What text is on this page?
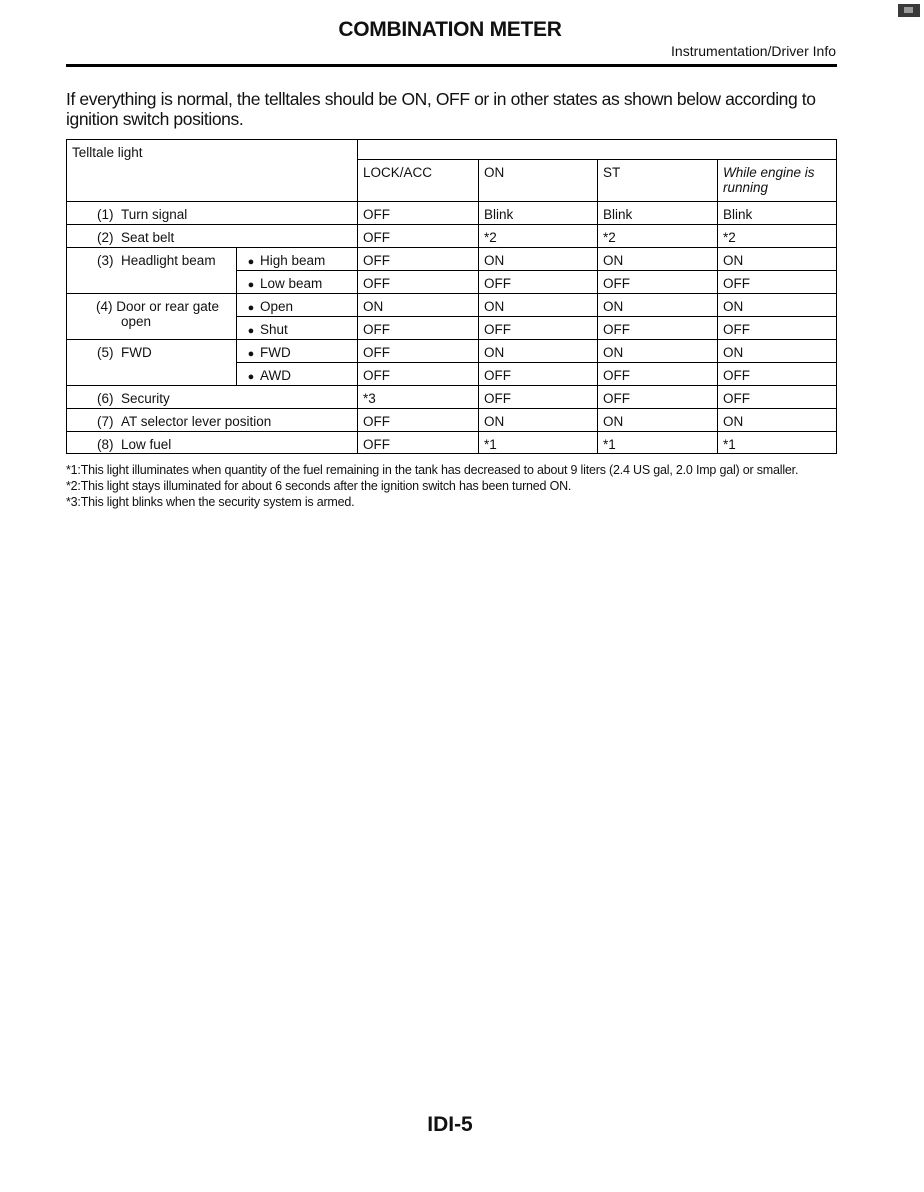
COMBINATION METER
Instrumentation/Driver Info
If everything is normal, the telltales should be ON, OFF or in other states as shown below according to ignition switch positions.
Telltale light
LOCK/ACC	ON	ST	While engine is running
(1) Turn signal	OFF	Blink	Blink	Blink
(2) Seat belt	OFF	*2	*2	*2
(3) Headlight beam	● High beam	OFF	ON	ON	ON
● Low beam	OFF	OFF	OFF	OFF
(4) Door or rear gate open
● Open	ON	ON	ON	ON
● Shut	OFF	OFF	OFF	OFF
(5) FWD	● FWD	OFF	ON	ON	ON
● AWD	OFF	OFF	OFF	OFF
(6) Security	*3	OFF	OFF	OFF
(7) AT selector lever position	OFF	ON	ON	ON
(8) Low fuel	OFF	*1	*1	*1
*1:This light illuminates when quantity of the fuel remaining in the tank has decreased to about 9 liters (2.4 US gal, 2.0 Imp gal) or smaller.
*2:This light stays illuminated for about 6 seconds after the ignition switch has been turned ON.
*3:This light blinks when the security system is armed.
IDI-5
